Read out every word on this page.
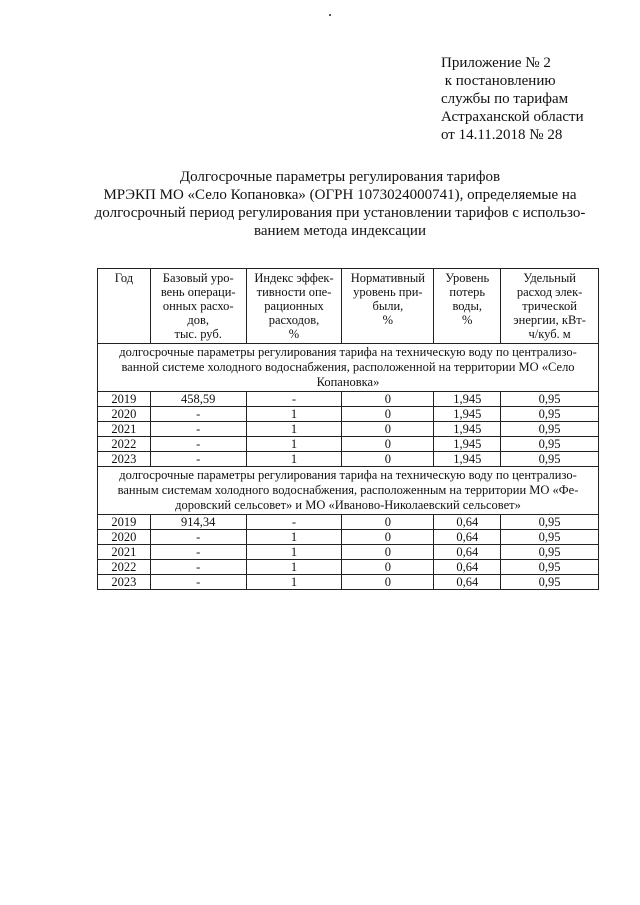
Приложение № 2
к постановлению
службы по тарифам
Астраханской области
от 14.11.2018 № 28
Долгосрочные параметры регулирования тарифов
МРЭКП МО «Село Копановка» (ОГРН 1073024000741), определяемые на
долгосрочный период регулирования при установлении тарифов с использо-
ванием метода индексации
Год	Базовый уро-
вень операци-
онных расхо-
дов,
тыс. руб.	Индекс эффек-
тивности опе-
рационных
расходов,
%	Нормативный
уровень при-
были,
%	Уровень
потерь
воды,
%	Удельный
расход элек-
трической
энергии, кВт-
ч/куб. м

долгосрочные параметры регулирования тарифа на техническую воду по централизо-
ванной системе холодного водоснабжения, расположенной на территории МО «Село
Копановка»					

2019	458,59	-	0	1,945	0,95
2020	-	1	0	1,945	0,95
2021	-	1	0	1,945	0,95
2022	-	1	0	1,945	0,95
2023	-	1	0	1,945	0,95

долгосрочные параметры регулирования тарифа на техническую воду по централизо-
ванным системам холодного водоснабжения, расположенным на территории МО «Фе-
доровский сельсовет» и МО «Иваново-Николаевский сельсовет»					

2019	914,34	-	0	0,64	0,95
2020	-	1	0	0,64	0,95
2021	-	1	0	0,64	0,95
2022	-	1	0	0,64	0,95
2023	-	1	0	0,64	0,95
